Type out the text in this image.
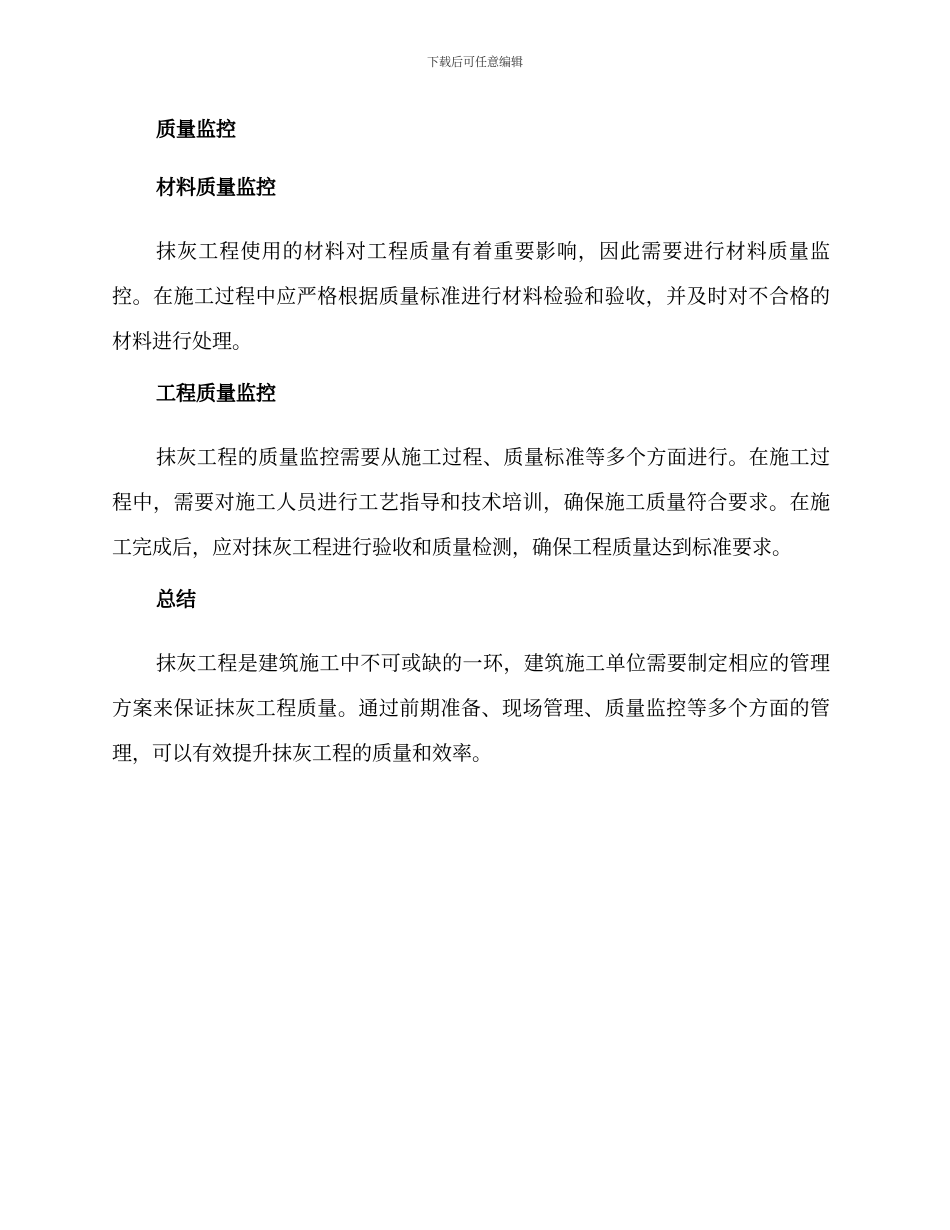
下载后可任意编辑
质量监控
材料质量监控

抹灰工程使用的材料对工程质量有着重要影响，因此需要进行材料质量监控。在施工过程中应严格根据质量标准进行材料检验和验收，并及时对不合格的材料进行处理。

工程质量监控

抹灰工程的质量监控需要从施工过程、质量标准等多个方面进行。在施工过程中，需要对施工人员进行工艺指导和技术培训，确保施工质量符合要求。在施工完成后，应对抹灰工程进行验收和质量检测，确保工程质量达到标准要求。

总结

抹灰工程是建筑施工中不可或缺的一环，建筑施工单位需要制定相应的管理方案来保证抹灰工程质量。通过前期准备、现场管理、质量监控等多个方面的管理，可以有效提升抹灰工程的质量和效率。
